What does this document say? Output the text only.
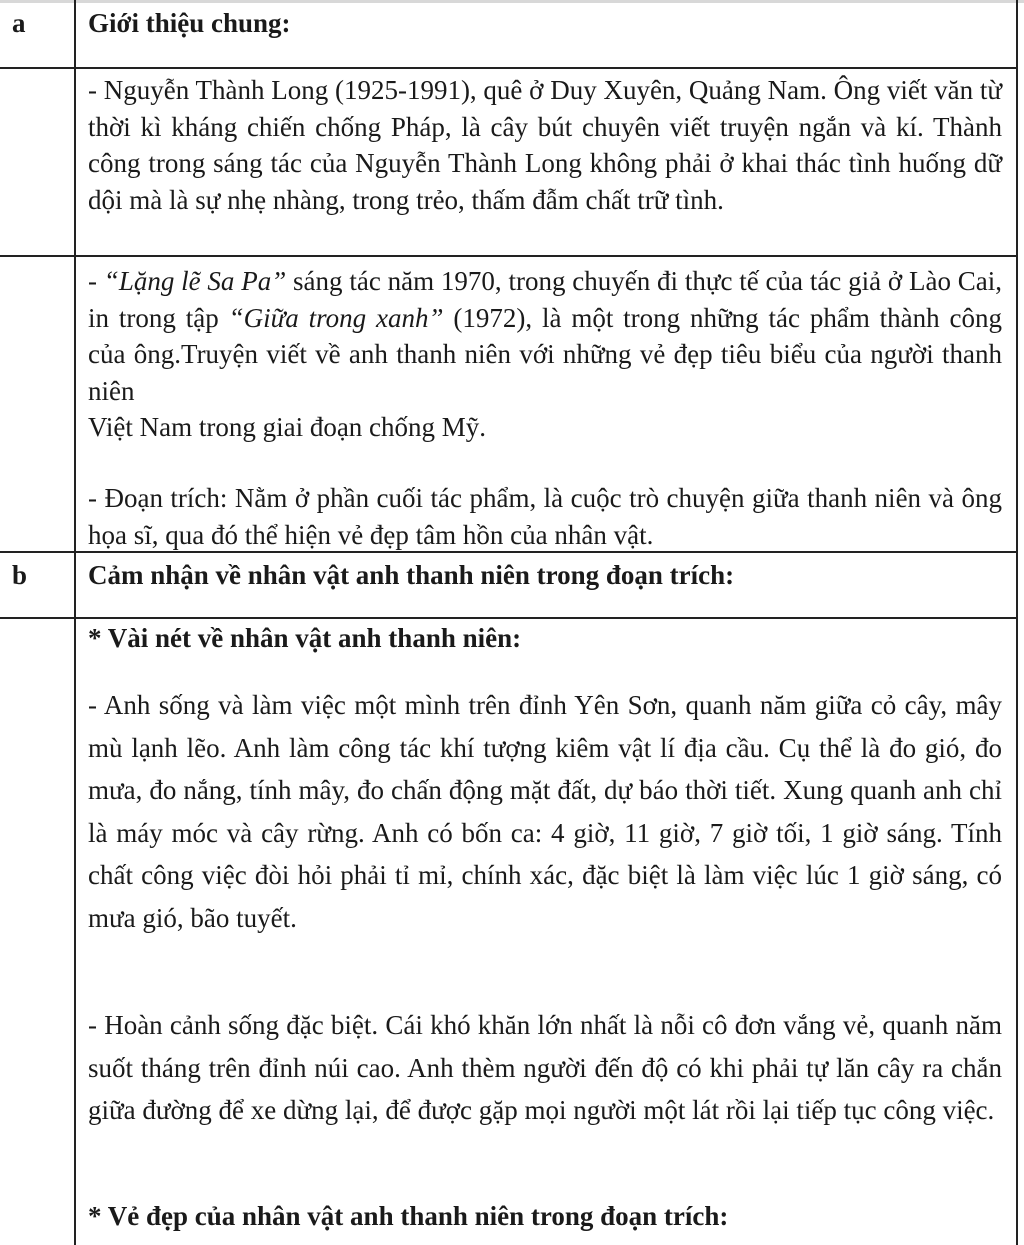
a Giới thiệu chung:
- Nguyễn Thành Long (1925-1991), quê ở Duy Xuyên, Quảng Nam. Ông viết văn từ thời kì kháng chiến chống Pháp, là cây bút chuyên viết truyện ngắn và kí. Thành công trong sáng tác của Nguyễn Thành Long không phải ở khai thác tình huống dữ dội mà là sự nhẹ nhàng, trong trẻo, thấm đẫm chất trữ tình.
- “Lặng lẽ Sa Pa” sáng tác năm 1970, trong chuyến đi thực tế của tác giả ở Lào Cai, in trong tập “Giữa trong xanh” (1972), là một trong những tác phẩm thành công của ông.Truyện viết về anh thanh niên với những vẻ đẹp tiêu biểu của người thanh niên
Việt Nam trong giai đoạn chống Mỹ.
- Đoạn trích: Nằm ở phần cuối tác phẩm, là cuộc trò chuyện giữa thanh niên và ông họa sĩ, qua đó thể hiện vẻ đẹp tâm hồn của nhân vật.
b Cảm nhận về nhân vật anh thanh niên trong đoạn trích:
* Vài nét về nhân vật anh thanh niên:
- Anh sống và làm việc một mình trên đỉnh Yên Sơn, quanh năm giữa cỏ cây, mây mù lạnh lẽo. Anh làm công tác khí tượng kiêm vật lí địa cầu. Cụ thể là đo gió, đo mưa, đo nắng, tính mây, đo chấn động mặt đất, dự báo thời tiết. Xung quanh anh chỉ là máy móc và cây rừng. Anh có bốn ca: 4 giờ, 11 giờ, 7 giờ tối, 1 giờ sáng. Tính chất công việc đòi hỏi phải tỉ mỉ, chính xác, đặc biệt là làm việc lúc 1 giờ sáng, có mưa gió, bão tuyết.
- Hoàn cảnh sống đặc biệt. Cái khó khăn lớn nhất là nỗi cô đơn vắng vẻ, quanh năm suốt tháng trên đỉnh núi cao. Anh thèm người đến độ có khi phải tự lăn cây ra chắn giữa đường để xe dừng lại, để được gặp mọi người một lát rồi lại tiếp tục công việc.
* Vẻ đẹp của nhân vật anh thanh niên trong đoạn trích:
